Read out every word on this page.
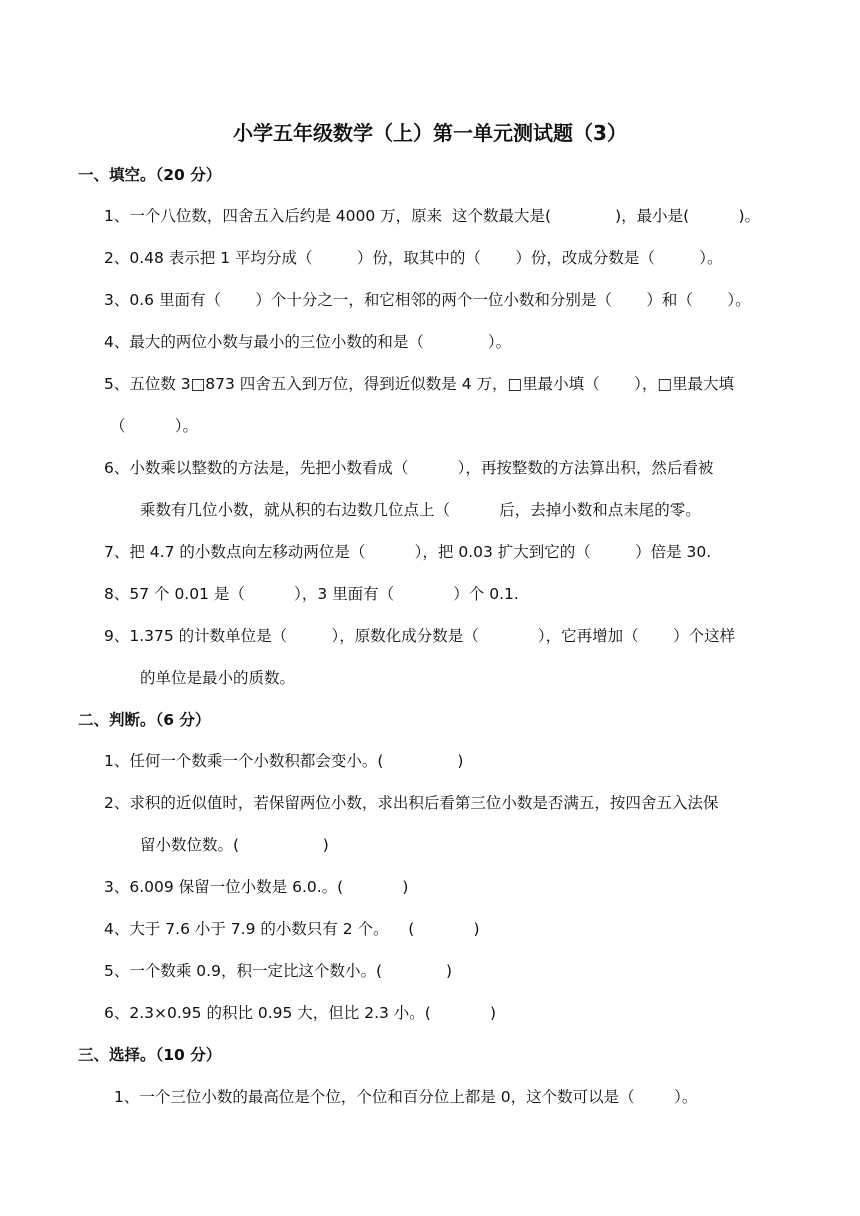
小学五年级数学（上）第一单元测试题（3）
一、填空。（20 分）
1、一个八位数，四舍五入后约是 4000 万，原来  这个数最大是(             )，最小是(          )。
2、0.48 表示把 1 平均分成（         ）份，取其中的（       ）份，改成分数是（         ）。
3、0.6 里面有（       ）个十分之一，和它相邻的两个一位小数和分别是（       ）和（       ）。
4、最大的两位小数与最小的三位小数的和是（             ）。
5、五位数 3□873 四舍五入到万位，得到近似数是 4 万，□里最小填（       ），□里最大填
（          ）。
6、小数乘以整数的方法是，先把小数看成（          ），再按整数的方法算出积，然后看被
乘数有几位小数，就从积的右边数几位点上（          后，去掉小数和点末尾的零。
7、把 4.7 的小数点向左移动两位是（          ），把 0.03 扩大到它的（         ）倍是 30.
8、57 个 0.01 是（          ），3 里面有（            ）个 0.1.
9、1.375 的计数单位是（         ），原数化成分数是（            ），它再增加（       ）个这样
的单位是最小的质数。
二、判断。（6 分）
1、任何一个数乘一个小数积都会变小。(               )
2、求积的近似值时，若保留两位小数，求出积后看第三位小数是否满五，按四舍五入法保
留小数位数。(                 )
3、6.009 保留一位小数是 6.0.。(            )
4、大于 7.6 小于 7.9 的小数只有 2 个。    (            )
5、一个数乘 0.9，积一定比这个数小。(             )
6、2.3×0.95 的积比 0.95 大，但比 2.3 小。(            )
三、选择。（10 分）
1、一个三位小数的最高位是个位，个位和百分位上都是 0，这个数可以是（        ）。
